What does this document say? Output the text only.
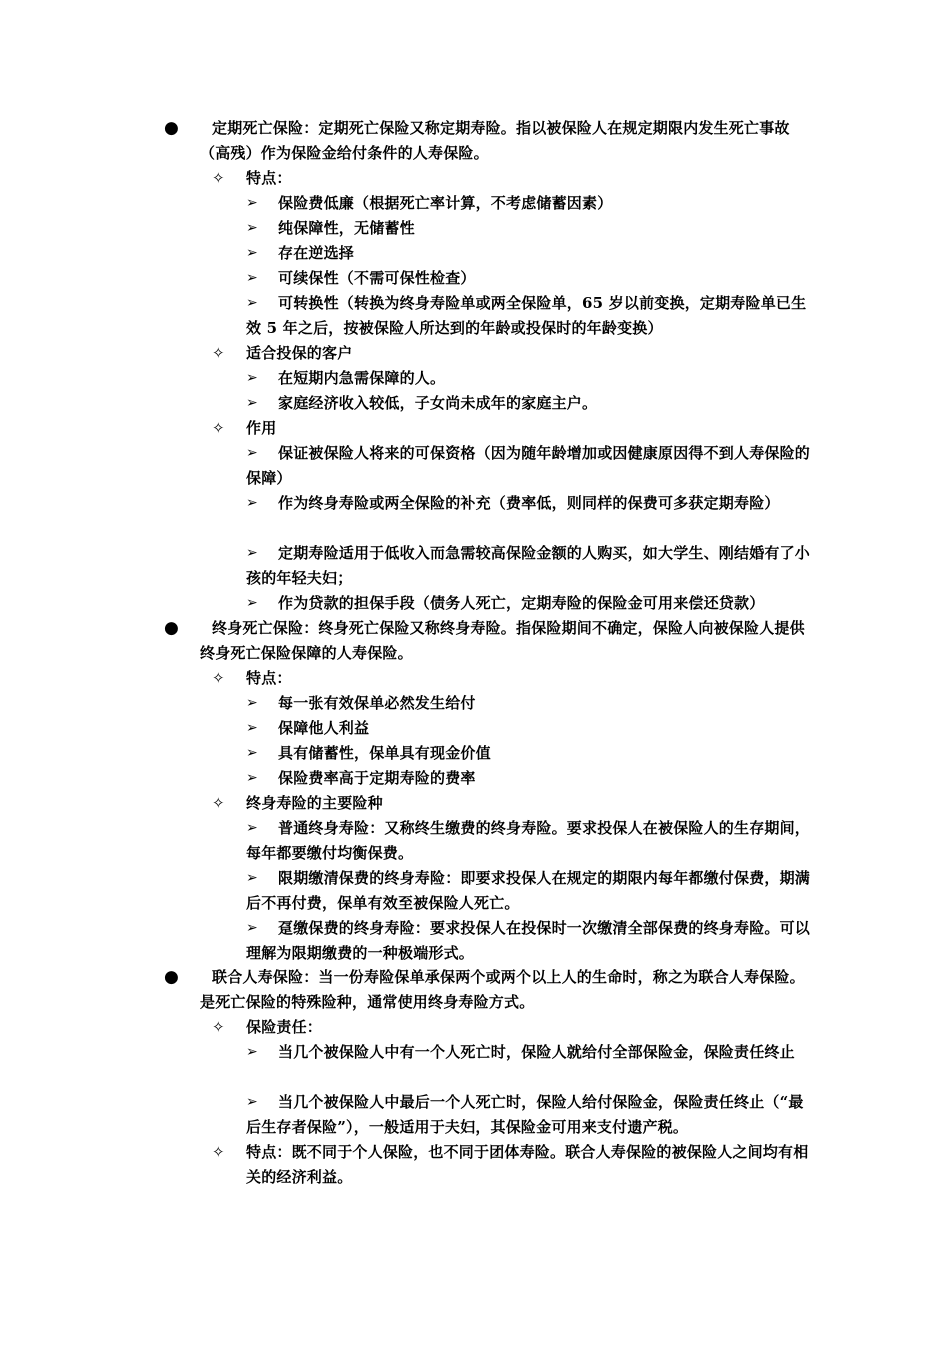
●	定期死亡保险：定期死亡保险又称定期寿险。指以被保险人在规定期限内发生死亡事故（高残）作为保险金给付条件的人寿保险。
✧ 特点：
➢	保险费低廉（根据死亡率计算，不考虑储蓄因素）
➢	纯保障性，无储蓄性
➢	存在逆选择
➢	可续保性（不需可保性检查）
➢	可转换性（转换为终身寿险单或两全保险单，65 岁以前变换，定期寿险单已生效 5 年之后，按被保险人所达到的年龄或投保时的年龄变换）
✧ 适合投保的客户
➢	在短期内急需保障的人。
➢	家庭经济收入较低，子女尚未成年的家庭主户。
✧ 作用
➢	保证被保险人将来的可保资格（因为随年龄增加或因健康原因得不到人寿保险的保障）
➢	作为终身寿险或两全保险的补充（费率低，则同样的保费可多获定期寿险）
➢	定期寿险适用于低收入而急需较高保险金额的人购买，如大学生、刚结婚有了小孩的年轻夫妇；
➢	作为贷款的担保手段（债务人死亡，定期寿险的保险金可用来偿还贷款）
●	终身死亡保险：终身死亡保险又称终身寿险。指保险期间不确定，保险人向被保险人提供终身死亡保险保障的人寿保险。
✧ 特点：
➢	每一张有效保单必然发生给付
➢	保障他人利益
➢	具有储蓄性，保单具有现金价值
➢	保险费率高于定期寿险的费率
✧ 终身寿险的主要险种
➢	普通终身寿险：又称终生缴费的终身寿险。要求投保人在被保险人的生存期间，每年都要缴付均衡保费。
➢	限期缴清保费的终身寿险：即要求投保人在规定的期限内每年都缴付保费，期满后不再付费，保单有效至被保险人死亡。
➢	趸缴保费的终身寿险：要求投保人在投保时一次缴清全部保费的终身寿险。可以理解为限期缴费的一种极端形式。
●	联合人寿保险：当一份寿险保单承保两个或两个以上人的生命时，称之为联合人寿保险。是死亡保险的特殊险种，通常使用终身寿险方式。
✧ 保险责任：
➢	当几个被保险人中有一个人死亡时，保险人就给付全部保险金，保险责任终止
➢	当几个被保险人中最后一个人死亡时，保险人给付保险金，保险责任终止（“最后生存者保险”），一般适用于夫妇，其保险金可用来支付遗产税。
✧ 特点：既不同于个人保险，也不同于团体寿险。联合人寿保险的被保险人之间均有相关的经济利益。
